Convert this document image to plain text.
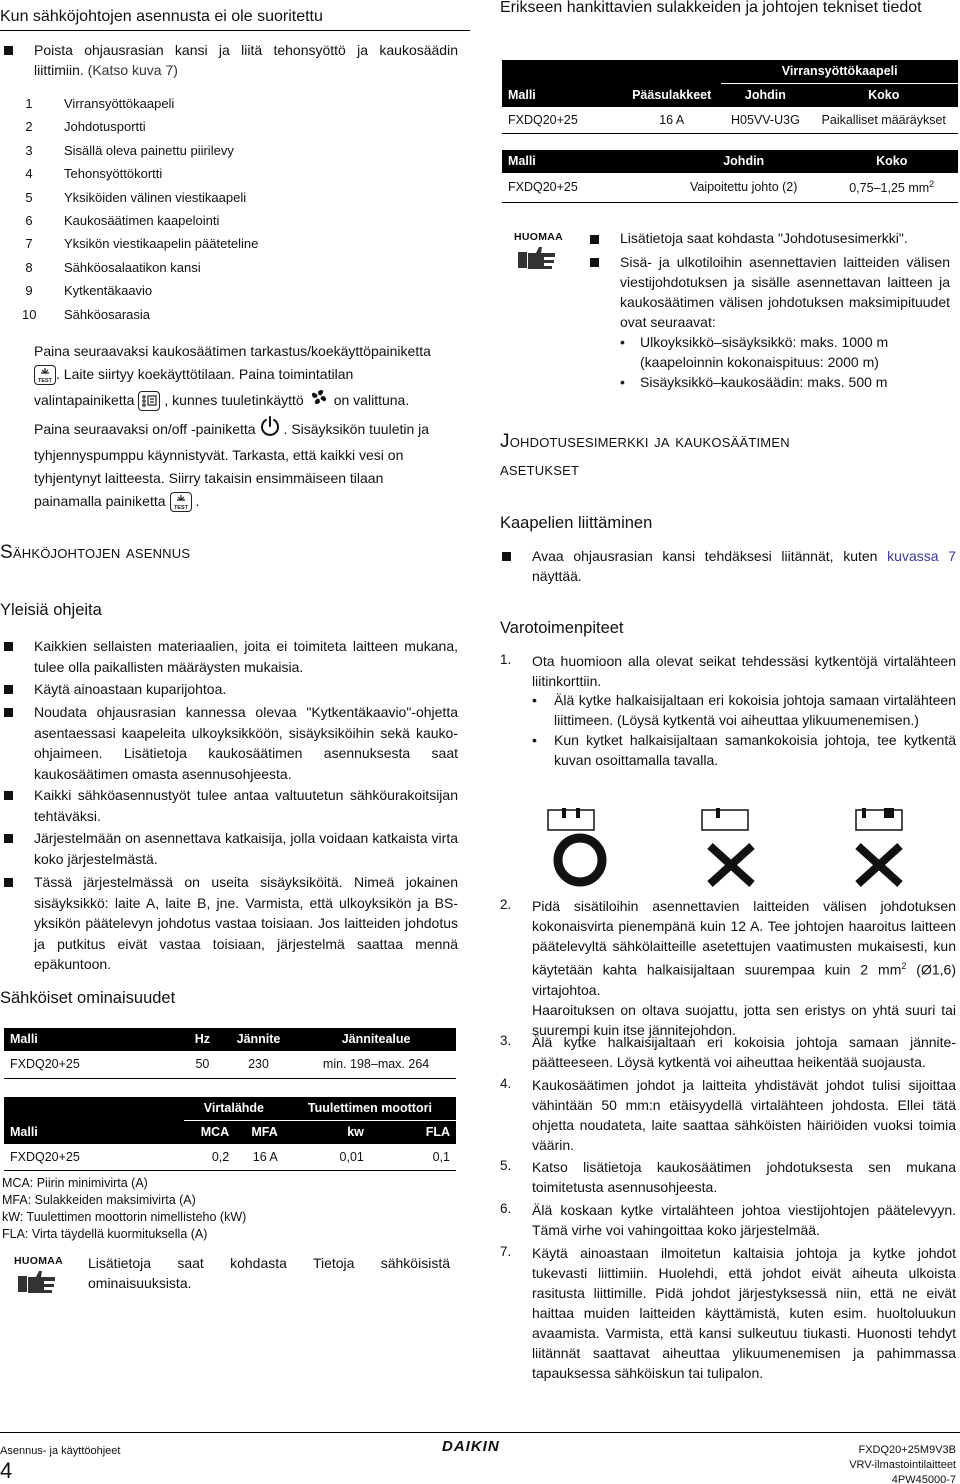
Kun sähköjohtojen asennusta ei ole suoritettu
Poista ohjausrasian kansi ja liitä tehonsyöttö ja kaukosäädin liittimiin. (Katso kuva 7)
1 Virransyöttökaapeli
2 Johdotusportti
3 Sisällä oleva painettu piirilevy
4 Tehonsyöttökortti
5 Yksiköiden välinen viestikaapeli
6 Kaukosäätimen kaapelointi
7 Yksikön viestikaapelin pääteteline
8 Sähköosalaatikon kansi
9 Kytkentäkaavio
10 Sähköosarasia
Paina seuraavaksi kaukosäätimen tarkastus/koekäyttöpainiketta
TEST . Laite siirtyy koekäyttötilaan. Paina toimintatilan
valintapainiketta , kunnes tuuletinkäyttö on valittuna.
Paina seuraavaksi on/off -painiketta . Sisäyksikön tuuletin ja
tyhjennyspumppu käynnistyvät. Tarkasta, että kaikki vesi on
tyhjentynyt laitteesta. Siirry takaisin ensimmäiseen tilaan
painamalla painiketta TEST .
Sähköjohtojen asennus
Yleisiä ohjeita
Kaikkien sellaisten materiaalien, joita ei toimiteta laitteen mukana, tulee olla paikallisten määräysten mukaisia.
Käytä ainoastaan kuparijohtoa.
Noudata ohjausrasian kannessa olevaa "Kytkentäkaavio"-ohjetta asentaessasi kaapeleita ulkoyksikköön, sisäyksiköihin sekä kauko-ohjaimeen. Lisätietoja kaukosäätimen asennuksesta saat kaukosäätimen omasta asennusohjeesta.
Kaikki sähköasennustyöt tulee antaa valtuutetun sähköurakoitsijan tehtäväksi.
Järjestelmään on asennettava katkaisija, jolla voidaan katkaista virta koko järjestelmästä.
Tässä järjestelmässä on useita sisäyksiköitä. Nimeä jokainen sisäyksikkö: laite A, laite B, jne. Varmista, että ulkoyksikön ja BS-yksikön päätelevyn johdotus vastaa toisiaan. Jos laitteiden johdotus ja putkitus eivät vastaa toisiaan, järjestelmä saattaa mennä epäkuntoon.
Sähköiset ominaisuudet
Malli	Hz	Jännite	Jännitealue
FXDQ20+25	50	230	min. 198–max. 264
	Virtalähde		Tuulettimen moottori	
Malli	MCA	MFA	kw	FLA
FXDQ20+25	0,2	16 A	0,01	0,1
MCA: Piirin minimivirta (A)
MFA: Sulakkeiden maksimivirta (A)
kW: Tuulettimen moottorin nimellisteho (kW)
FLA: Virta täydellä kuormituksella (A)
HUOMAA	Lisätietoja saat kohdasta Tietoja sähköisistä ominaisuuksista.
Erikseen hankittavien sulakkeiden ja johtojen tekniset tiedot
		Virransyöttökaapeli	
Malli	Pääsulakkeet	Johdin	Koko
FXDQ20+25	16 A	H05VV-U3G	Paikalliset määräykset
Malli	Johdin	Koko
FXDQ20+25	Vaipoitettu johto (2)	0,75–1,25 $mm^2$
HUOMAA	Lisätietoja saat kohdasta "Johdotusesimerkki".
Sisä- ja ulkotiloihin asennettavien laitteiden välisen viestijohdotuksen ja sisälle asennettavan laitteen ja kaukosäätimen välisen johdotuksen maksimipituudet ovat seuraavat:
• Ulkoyksikkö–sisäyksikkö: maks. 1000 m
(kaapeloinnin kokonaispituus: 2000 m)
• Sisäyksikkö–kaukosäädin: maks. 500 m
Johdotusesimerkki ja kaukosäätimen
asetukset
Kaapelien liittäminen
Avaa ohjausrasian kansi tehdäksesi liitännät, kuten kuvassa 7 näyttää.
Varotoimenpiteet
1. Ota huomioon alla olevat seikat tehdessäsi kytkentöjä virtalähteen liitinkorttiin.
• Älä kytke halkaisijaltaan eri kokoisia johtoja samaan virtalähteen liittimeen. (Löysä kytkentä voi aiheuttaa ylikuumenemisen.)
• Kun kytket halkaisijaltaan samankokoisia johtoja, tee kytkentä kuvan osoittamalla tavalla.
2. Pidä sisätiloihin asennettavien laitteiden välisen johdotuksen kokonaisvirta pienempänä kuin 12 A. Tee johtojen haaroitus laitteen päätelevyltä sähkölaitteille asetettujen vaatimusten mukaisesti, kun käytetään kahta halkaisijaltaan suurempaa kuin 2 $mm^2$ (Ø1,6) virtajohtoa.
Haaroituksen on oltava suojattu, jotta sen eristys on yhtä suuri tai suurempi kuin itse jännitejohdon.
3. Älä kytke halkaisijaltaan eri kokoisia johtoja samaan jännite-päätteeseen. Löysä kytkentä voi aiheuttaa heikentää suojausta.
4. Kaukosäätimen johdot ja laitteita yhdistävät johdot tulisi sijoittaa vähintään 50 mm:n etäisyydellä virtalähteen johdosta. Ellei tätä ohjetta noudateta, laite saattaa sähköisten häiriöiden vuoksi toimia väärin.
5. Katso lisätietoja kaukosäätimen johdotuksesta sen mukana toimitetusta asennusohjeesta.
6. Älä koskaan kytke virtalähteen johtoa viestijohtojen päätelevyyn. Tämä virhe voi vahingoittaa koko järjestelmää.
7. Käytä ainoastaan ilmoitetun kaltaisia johtoja ja kytke johdot tukevasti liittimiin. Huolehdi, että johdot eivät aiheuta ulkoista rasitusta liittimille. Pidä johdot järjestyksessä niin, että ne eivät haittaa muiden laitteiden käyttämistä, kuten esim. huoltoluukun avaamista. Varmista, että kansi sulkeutuu tiukasti. Huonosti tehdyt liitännät saattavat aiheuttaa ylikuumenemisen ja pahimmassa tapauksessa sähköiskun tai tulipalon.
Asennus- ja käyttöohjeet
4
DAIKIN	FXDQ20+25M9V3B
VRV-ilmastointilaitteet
4PW45000-7
